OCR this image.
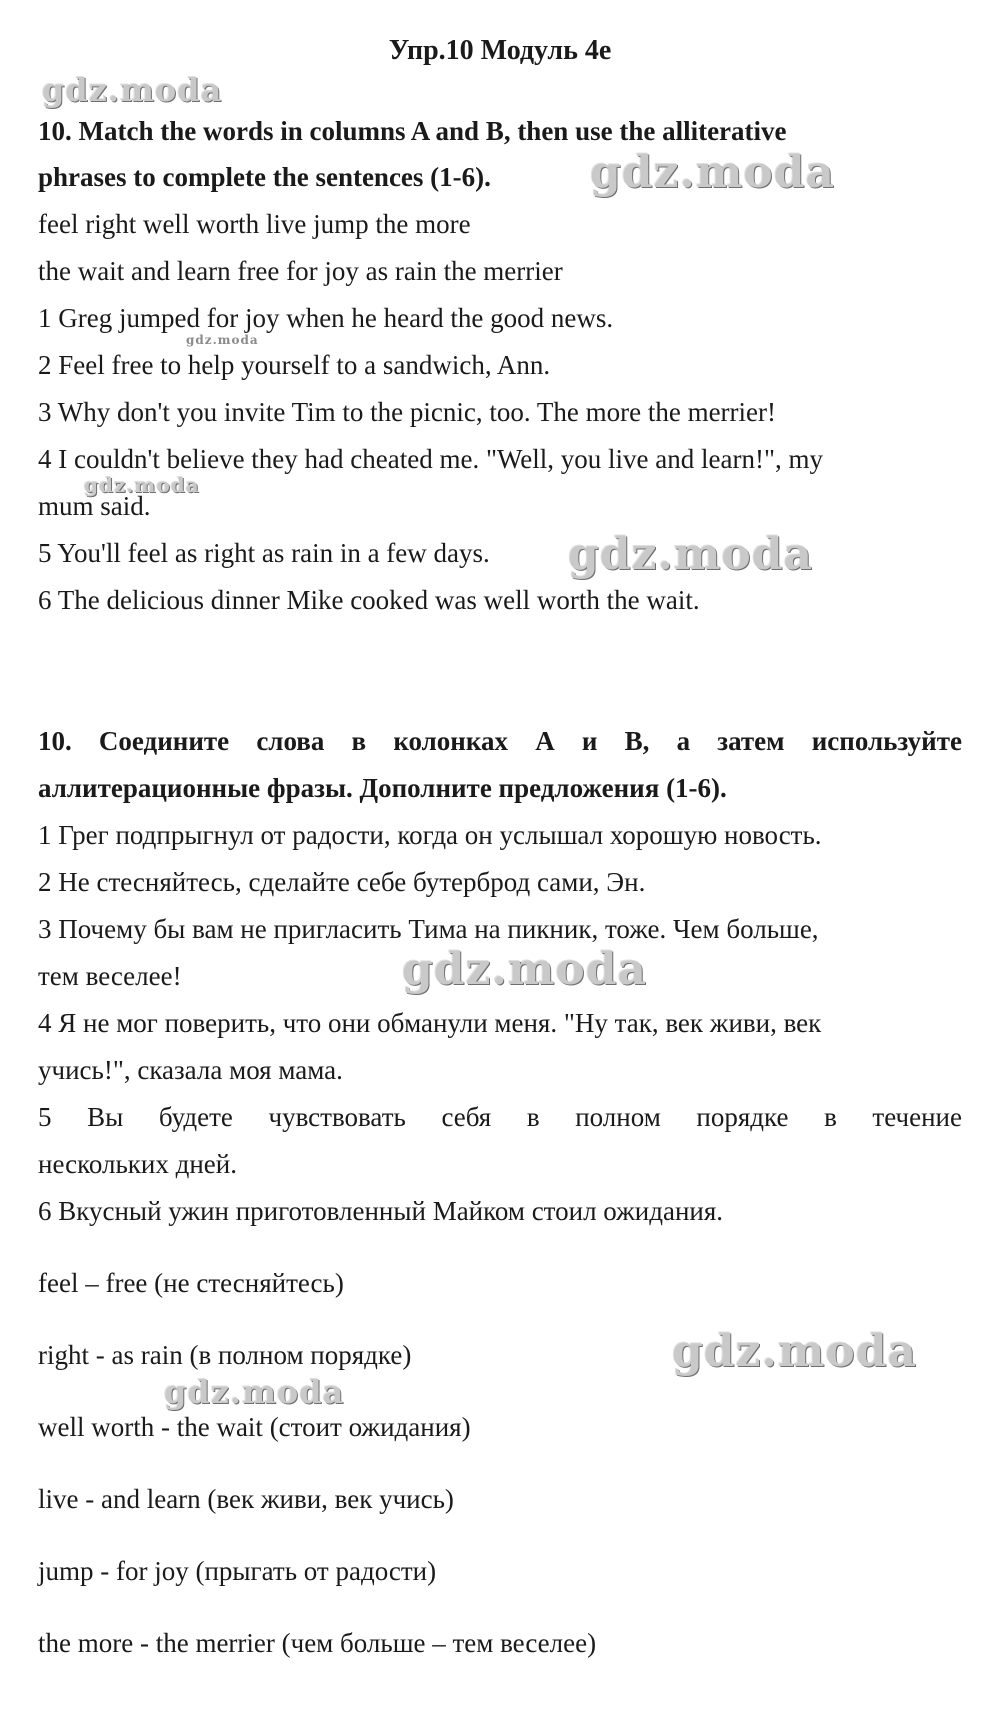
Упр.10 Модуль 4е
gdz.moda
gdz.moda
gdz.moda
gdz.moda
gdz.moda
gdz.moda
gdz.moda
gdz.moda
10. Match the words in columns A and B, then use the alliterative
phrases to complete the sentences (1-6).
feel right well worth live jump the more
the wait and learn free for joy as rain the merrier
1 Greg jumped for joy when he heard the good news.
2 Feel free to help yourself to a sandwich, Ann.
3 Why don't you invite Tim to the picnic, too. The more the merrier!
4 I couldn't believe they had cheated me. "Well, you live and learn!", my
mum said.
5 You'll feel as right as rain in a few days.
6 The delicious dinner Mike cooked was well worth the wait.
10. Соедините слова в колонках А и В, а затем используйте
аллитерационные фразы. Дополните предложения (1-6).
1 Грег подпрыгнул от радости, когда он услышал хорошую новость.
2 Не стесняйтесь, сделайте себе бутерброд сами, Эн.
3 Почему бы вам не пригласить Тима на пикник, тоже. Чем больше,
тем веселее!
4 Я не мог поверить, что они обманули меня. "Ну так, век живи, век
учись!", сказала моя мама.
5 Вы будете чувствовать себя в полном порядке в течение
нескольких дней.
6 Вкусный ужин приготовленный Майком стоил ожидания.
feel – free (не стесняйтесь)
right - as rain (в полном порядке)
well worth - the wait (стоит ожидания)
live - and learn (век живи, век учись)
jump - for joy (прыгать от радости)
the more - the merrier (чем больше – тем веселее)
